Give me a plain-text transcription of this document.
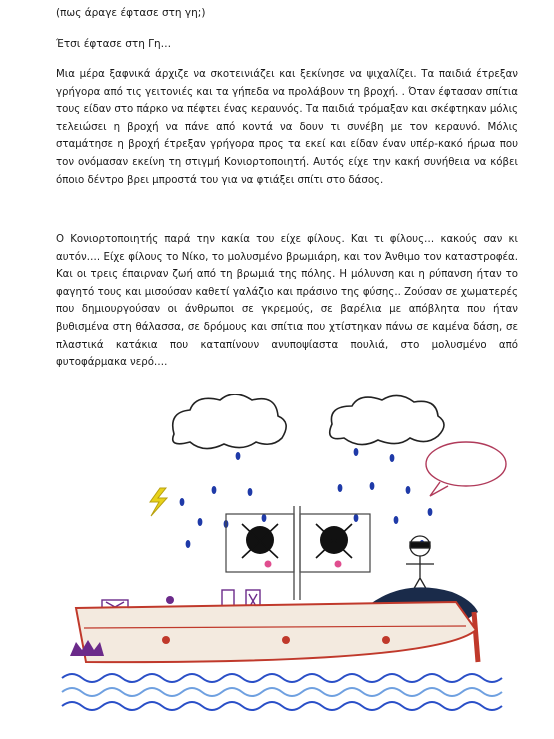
(πως άραγε έφτασε στη γη;)
Έτσι έφτασε στη Γη…

Μια μέρα ξαφνικά άρχιζε να σκοτεινιάζει και ξεκίνησε να ψιχαλίζει. Τα παιδιά έτρεξαν γρήγορα από τις γειτονιές και τα γήπεδα να προλάβουν τη βροχή. . Όταν έφτασαν σπίτια τους είδαν στο πάρκο να πέφτει ένας κεραυνός. Τα παιδιά τρόμαξαν και σκέφτηκαν μόλις τελειώσει η βροχή να πάνε από κοντά να δουν τι συνέβη με τον κεραυνό. Μόλις σταμάτησε η βροχή έτρεξαν γρήγορα προς τα εκεί και είδαν έναν υπέρ-κακό ήρωα που τον ονόμασαν εκείνη τη στιγμή Κονιορτοποιητή. Αυτός είχε την κακή συνήθεια να κόβει όποιο δέντρο βρει μπροστά του για να φτιάξει σπίτι στο δάσος.

Ο Κονιορτοποιητής παρά την κακία του είχε φίλους. Και τι φίλους… κακούς σαν κι αυτόν…. Είχε φίλους το Νίκο, το μολυσμένο βρωμιάρη, και τον Άνθιμο τον καταστροφέα. Και οι τρεις έπαιρναν ζωή από τη βρωμιά της πόλης. Η μόλυνση και η ρύπανση ήταν το φαγητό τους και μισούσαν καθετί γαλάζιο και πράσινο της φύσης.. Ζούσαν σε χωματερές που δημιουργούσαν οι άνθρωποι σε γκρεμούς, σε βαρέλια με απόβλητα που ήταν βυθισμένα στη θάλασσα, σε δρόμους και σπίτια που χτίστηκαν πάνω σε καμένα δάση, σε πλαστικά κατάκια που καταπίνουν ανυποψίαστα πουλιά, στο μολυσμένο από φυτοφάρμακα νερό….
